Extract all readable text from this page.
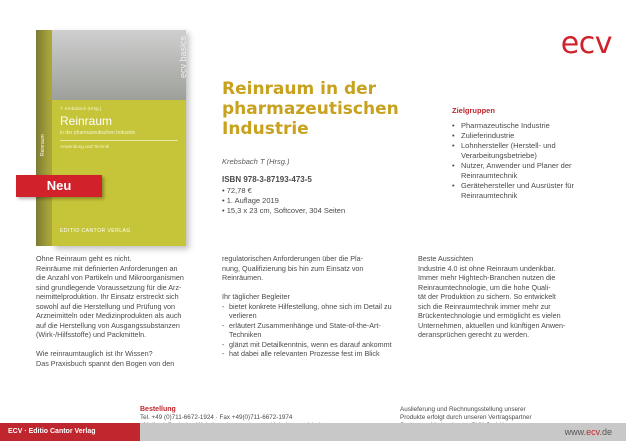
ecv
Reinraum
ecv
ecv basics
T. Krebsbach (Hrsg.)
Reinraum
in der pharmazeutischen Industrie
Anwendung und Technik
EDITIO CANTOR VERLAG
Neu
Reinraum in der pharmazeutischen Industrie
Krebsbach T (Hrsg.)
ISBN 978-3-87193-473-5
• 72,78 €
• 1. Auflage 2019
• 15,3 x 23 cm, Softcover, 304 Seiten
Zielgruppen
• Pharmazeutische Industrie
• Zulieferindustrie
• Lohnhersteller (Herstell- und Verarbeitungsbetriebe)
• Nutzer, Anwender und Planer der Reinraumtechnik
• Gerätehersteller und Ausrüster für Reinraumtechnik

Ohne Reinraum geht es nicht.

Reinräume mit definierten Anforderungen an
die Anzahl von Partikeln und Mikroorganismen
sind grundlegende Voraussetzung für die Arz-
neimittelproduktion. Ihr Einsatz erstreckt sich
sowohl auf die Herstellung und Prüfung von
Arzneimitteln oder Medizinprodukten als auch
auf die Herstellung von Ausgangssubstanzen
(Wirk-/Hilfsstoffe) und Packmitteln.

Wie reinraumtauglich ist Ihr Wissen?

Das Praxisbuch spannt den Bogen von den

regulatorischen Anforderungen über die Pla-
nung, Qualifizierung bis hin zum Einsatz von
Reinräumen.

Ihr täglicher Begleiter

- bietet konkrete Hilfestellung, ohne sich im Detail zu verlieren
- erläutert Zusammenhänge und State-of-the-Art-Techniken
- glänzt mit Detailkenntnis, wenn es darauf ankommt
- hat dabei alle relevanten Prozesse fest im Blick

Beste Aussichten

Industrie 4.0 ist ohne Reinraum undenkbar.
Immer mehr Hightech-Branchen nutzen die
Reinraumtechnologie, um die hohe Quali-
tät der Produktion zu sichern. So entwickelt
sich die Reinraumtechnik immer mehr zur
Brückentechnologie und ermöglicht es vielen
Unternehmen, aktuellen und künftigen Anwen-
deransprüchen gerecht zu werden.

Bestellung
Tel. +49 (0)711-6672-1924 · Fax +49(0)711-6672-1974
Auslieferung und Rechnungsstellung unserer
Produkte erfolgt durch unseren Vertragspartner
ECV · Editio Cantor Verlag	www.ecv.de
